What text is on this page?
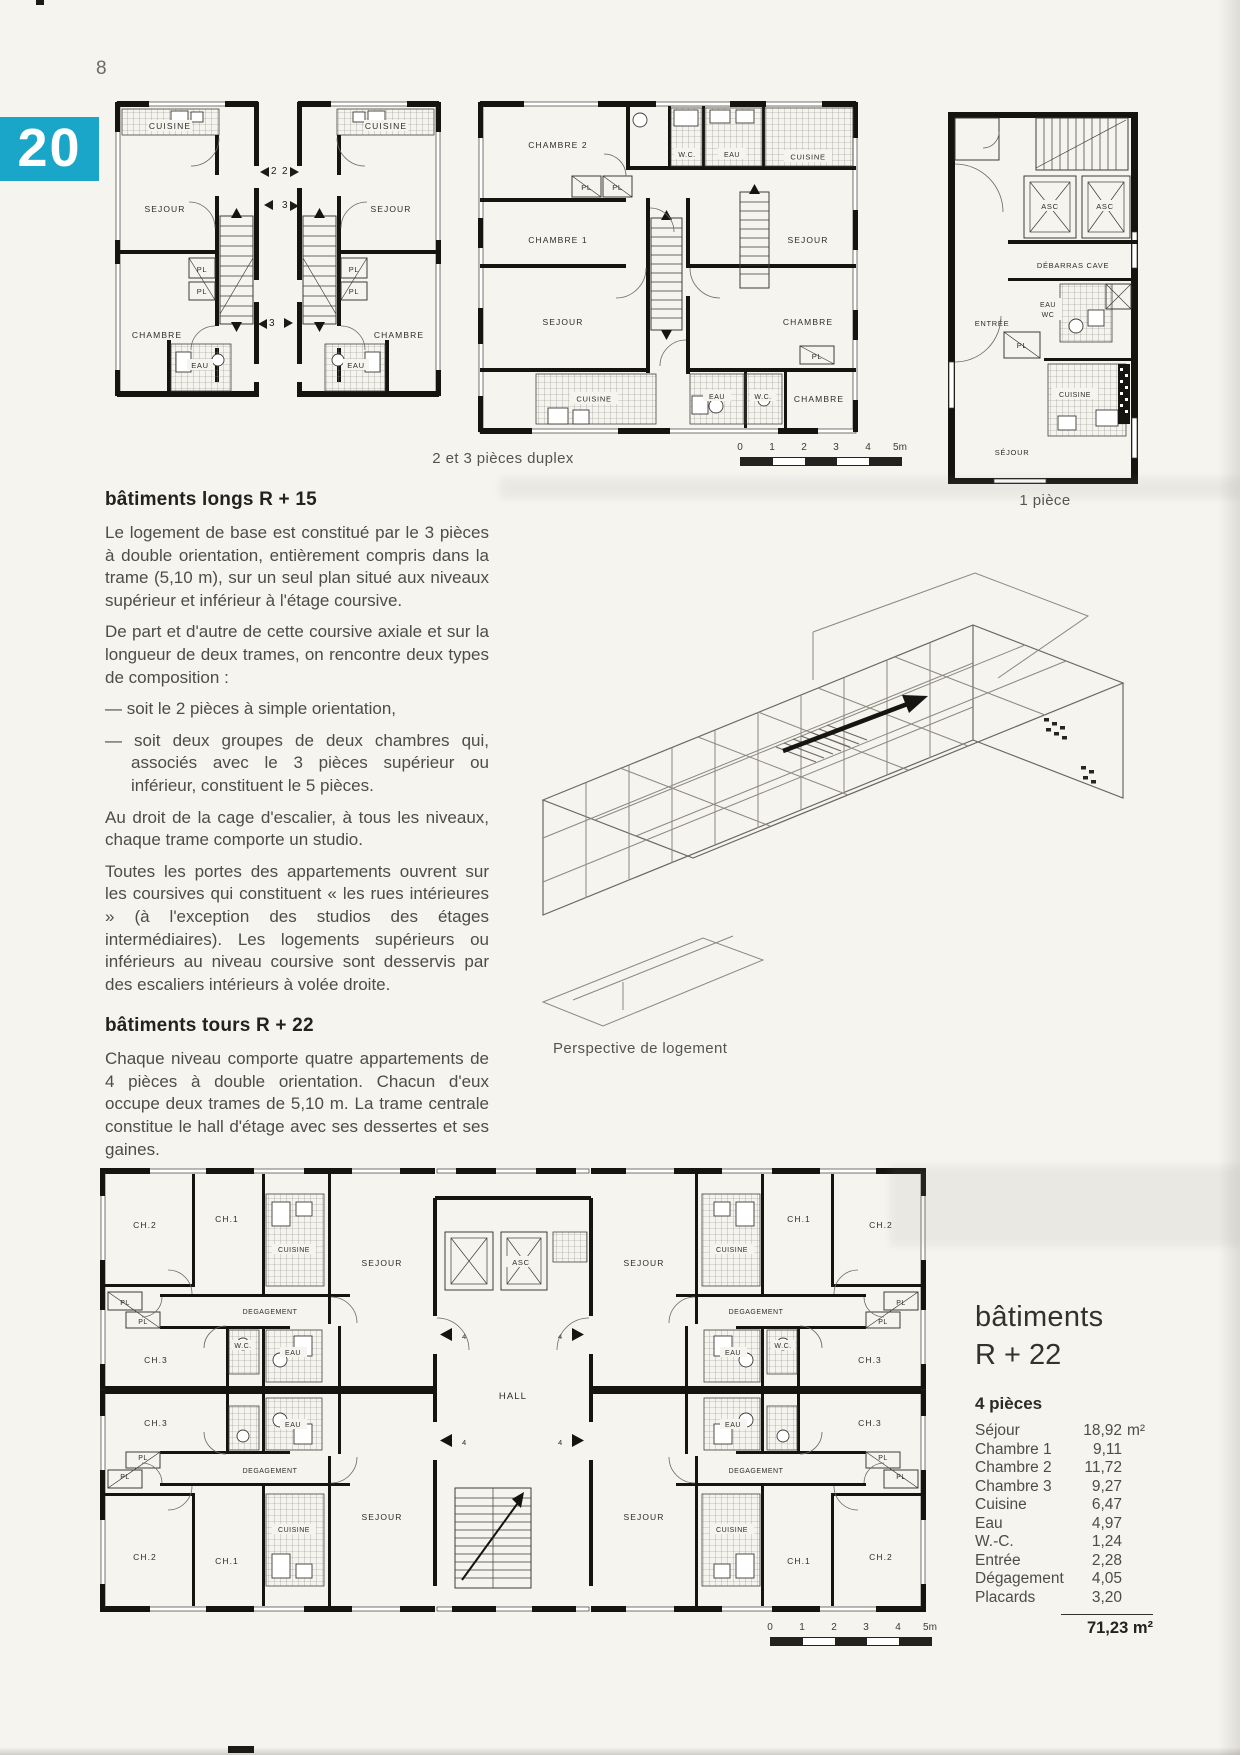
8
20	CUISINE
SEJOUR
PL
PL
CHAMBRE
EAU
2 2
3
3
CUISINE
SEJOUR
PL
PL
CHAMBRE
EAU
CHAMBRE 2
W.C.	EAU	CUISINE
PL	PL
CHAMBRE 1	SEJOUR
SEJOUR	CHAMBRE
CUISINE	EAU	W.C.	CHAMBRE
PL
ASC	ASC
DÉBARRAS CAVE
ENTRÉE
EAU
WC
PL
CUISINE
SÉJOUR
2 et 3 pièces duplex
0	1	2	3	4 5m
1 pièce
bâtiments longs R + 15

Le logement de base est constitué par le 3 pièces à double orientation, entièrement compris dans la trame (5,10 m), sur un seul plan situé aux niveaux supérieur et inférieur à l'étage coursive.

De part et d'autre de cette coursive axiale et sur la longueur de deux trames, on rencontre deux types de composition :

— soit le 2 pièces à simple orientation,

— soit deux groupes de deux chambres qui, associés avec le 3 pièces supérieur ou inférieur, constituent le 5 pièces.

Au droit de la cage d'escalier, à tous les niveaux, chaque trame comporte un studio.

Toutes les portes des appartements ouvrent sur les coursives qui constituent « les rues intérieures » (à l'exception des studios des étages intermédiaires). Les logements supérieurs ou inférieurs au niveau coursive sont desservis par des escaliers intérieurs à volée droite.

bâtiments tours R + 22

Chaque niveau comporte quatre appartements de 4 pièces à double orientation. Chacun d'eux occupe deux trames de 5,10 m. La trame centrale constitue le hall d'étage avec ses dessertes et ses gaines.

Perspective de logement
ASC
4	4
HALL
4	4
CH.2
CH.1
CUISINE
SEJOUR
PL
PL
DEGAGEMENT
W.C.
EAU
CH.3
SEJOUR
CUISINE
CH.1
CH.2
DEGAGEMENT
W.C.
EAU
CH.3
PL
PL
CH.3	EAU
PL
PL
DEGAGEMENT
CH.2	CH.1
CUISINE
SEJOUR
EAU	CH.3
DEGAGEMENT
PL
PL
SEJOUR
CUISINE
CH.1	CH.2
bâtiments
R + 22
4 pièces
Séjour	18,92 m²
Chambre 1	9,11
Chambre 2	11,72
Chambre 3	9,27
Cuisine	6,47
Eau	4,97
W.-C.	1,24
Entrée	2,28
Dégagement	4,05
Placards	3,20
71,23 m²
0	1	2	3	4 5m
